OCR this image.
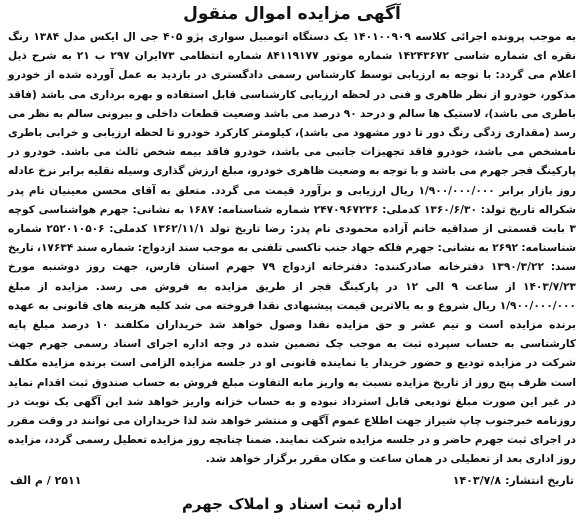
آگهی مزایده اموال منقول

به موجب پرونده اجرائی کلاسه ۱۴۰۱۰۰۹۰۹ یک دستگاه اتومبیل سواری پژو ۴۰۵ جی ال ایکس مدل ۱۳۸۴ رنگ نقره ای شماره شاسی ۱۴۲۴۳۶۷۲ شماره موتور ۸۴۱۱۹۱۷۷ شماره انتظامی ۷۳ایران ۲۹۷ ب ۲۱ به شرح ذیل اعلام می گردد: با توجه به ارزیابی توسط کارشناس رسمی دادگستری در بازدید به عمل آورده شده از خودرو مذکور، خودرو از نظر ظاهری و فنی در لحظه ارزیابی کارشناسی قابل استفاده و بهره برداری می باشد (فاقد باطری می باشد)، لاستیک ها سالم و درحد ۹۰ درصد می باشد وضعیت قطعات داخلی و بیرونی سالم به نظر می رسد (مقداری زدگی رنگ دور تا دور مشهود می باشد)، کیلومتر کارکرد خودرو تا لحظه ارزیابی و خرابی باطری نامشخص می باشد، خودرو فاقد تجهیزات جانبی می باشد، خودرو فاقد بیمه شخص ثالث می باشد. خودرو در پارکینگ فجر جهرم می باشد و با توجه به وضعیت ظاهری خودرو، مبلغ ارزش گذاری وسیله نقلیه برابر نرخ عادله روز بازار برابر ۱/۹۰۰/۰۰۰/۰۰۰ ریال ارزیابی و برآورد قیمت می گردد. متعلق به آقای محسن معینیان نام پدر شکراله تاریخ تولد: ۱۳۶۰/۶/۳۰ کدملی: ۲۴۷۰۹۶۷۲۳۶ شماره شناسنامه: ۱۶۸۷ به نشانی: جهرم هواشناسی کوچه ۳ بابت قسمتی از صداقیه خانم آزاده محمودی نام پدر: رضا تاریخ تولد ۱۳۶۲/۱۱/۱ کدملی: ۲۵۲۰۱۰۵۰۶ شماره شناسنامه: ۲۶۹۲ به نشانی: جهرم فلکه جهاد جنب تاکسی تلفنی به موجب سند ازدواج: شماره سند ۱۷۶۳۴، تاریخ سند: ۱۳۹۰/۳/۲۲ دفترخانه صادرکننده: دفترخانه ازدواج ۷۹ جهرم استان فارس، جهت روز دوشنبه مورخ ۱۴۰۳/۷/۲۳ از ساعت ۹ الی ۱۲ در پارکینگ فجر از طریق مزایده به فروش می رسد. مزایده از مبلغ ۱/۹۰۰/۰۰۰/۰۰۰ ریال شروع و به بالاترین قیمت پیشنهادی نقدا فروخته می شد کلیه هزینه های قانونی به عهده برنده مزایده است و نیم عشر و حق مزایده نقدا وصول خواهد شد خریداران مکلفند ۱۰ درصد مبلغ پایه کارشناسی به حساب سپرده ثبت به موجب چک تضمین شده در وجه اداره اجرای اسناد رسمی جهرم جهت شرکت در مزایده تودیع و حضور خریدار یا نماینده قانونی او در جلسه مزایده الزامی است برنده مزایده مکلف است ظرف پنج روز از تاریخ مزایده نسبت به واریز مابه التفاوت مبلغ فروش به حساب صندوق ثبت اقدام نماید در غیر این صورت مبلغ تودیعی قابل استرداد نبوده و به حساب خزانه واریز خواهد شد این آگهی یک نوبت در روزنامه خبرجنوب چاپ شیراز جهت اطلاع عموم آگهی و منتشر خواهد شد لذا خریداران می توانند در وقت مقرر در اجرای ثبت جهرم حاضر و در جلسه مزایده شرکت نمایند. ضمنا چنانچه روز مزایده تعطیل رسمی گردد، مزایده روز اداری بعد از تعطیلی در همان ساعت و مکان مقرر برگزار خواهد شد.

تاریخ انتشار:
۱۴۰۳/۷/۸
۲۵۱۱ / م الف
اداره ثبت اسناد و املاک جهرم
